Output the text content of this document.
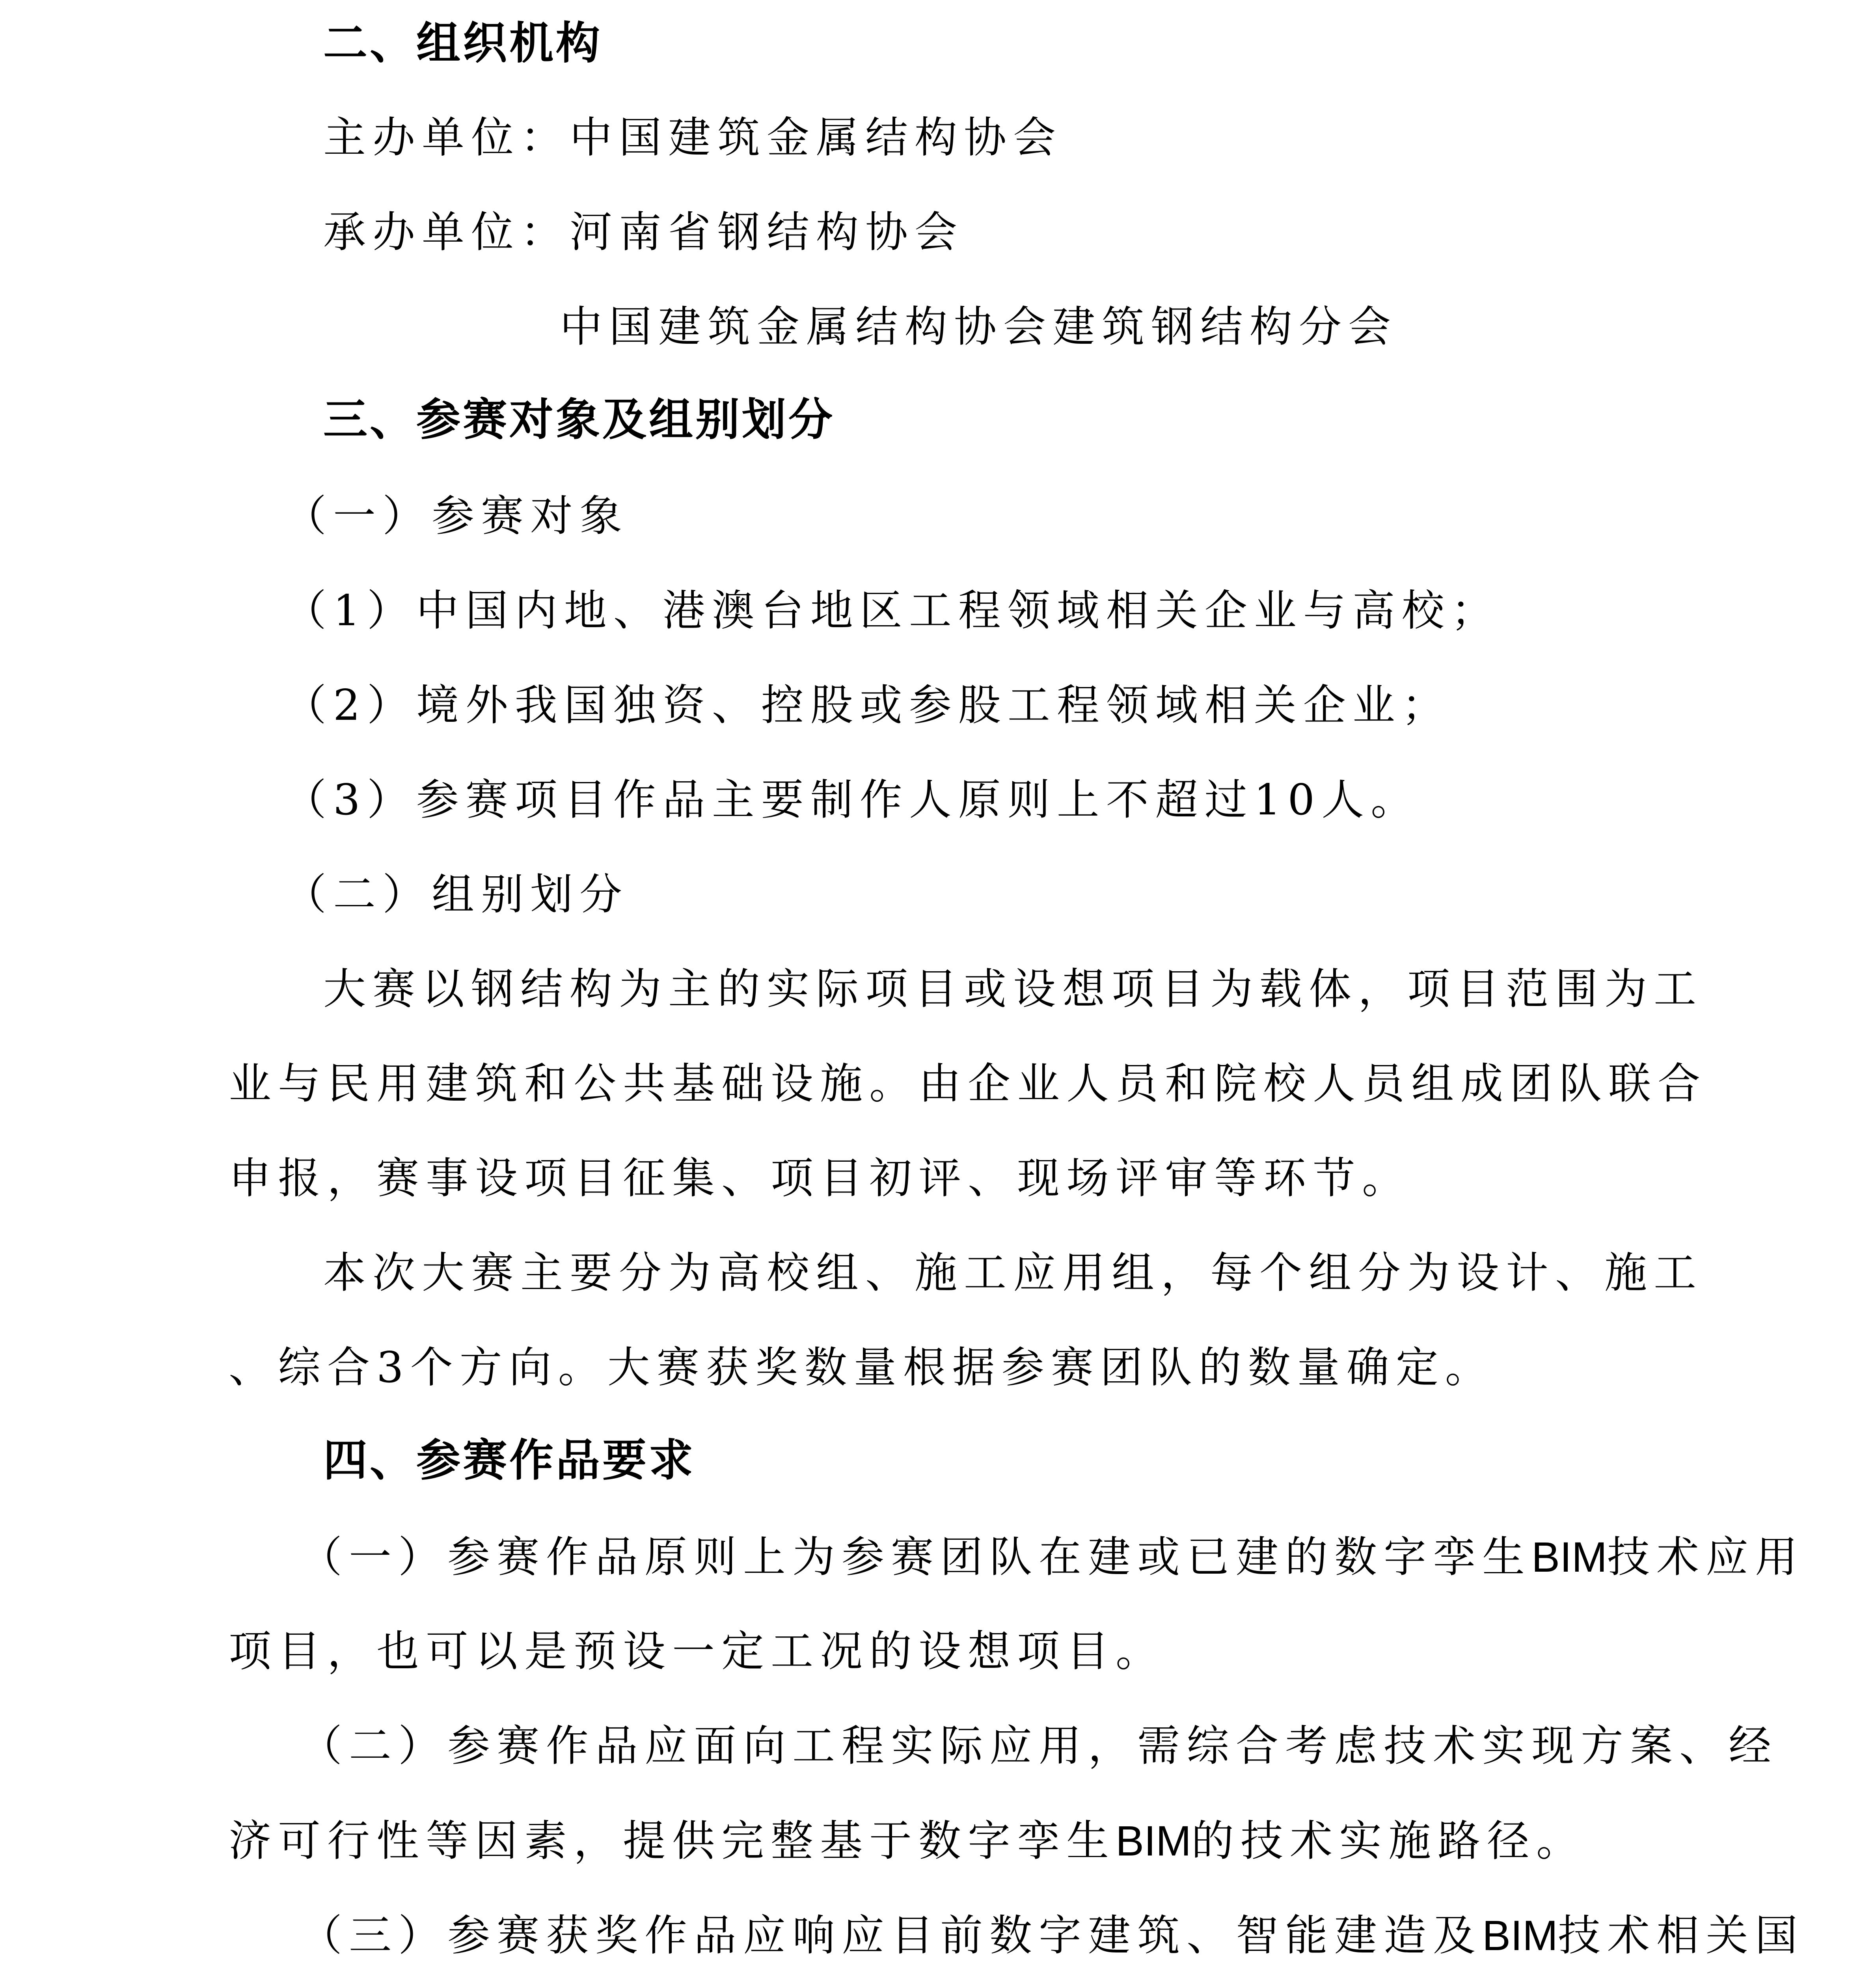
二、组织机构
主办单位：中国建筑金属结构协会
承办单位：河南省钢结构协会
中国建筑金属结构协会建筑钢结构分会
三、参赛对象及组别划分
（一）参赛对象
（1）中国内地、港澳台地区工程领域相关企业与高校；
（2）境外我国独资、控股或参股工程领域相关企业；
（3）参赛项目作品主要制作人原则上不超过10人。
（二）组别划分
大赛以钢结构为主的实际项目或设想项目为载体，项目范围为工
业与民用建筑和公共基础设施。由企业人员和院校人员组成团队联合
申报，赛事设项目征集、项目初评、现场评审等环节。
本次大赛主要分为高校组、施工应用组，每个组分为设计、施工
、综合3个方向。大赛获奖数量根据参赛团队的数量确定。
四、参赛作品要求
（一）参赛作品原则上为参赛团队在建或已建的数字孪生BIM技术应用
项目，也可以是预设一定工况的设想项目。
（二）参赛作品应面向工程实际应用，需综合考虑技术实现方案、经
济可行性等因素，提供完整基于数字孪生BIM的技术实施路径。
（三）参赛获奖作品应响应目前数字建筑、智能建造及BIM技术相关国
